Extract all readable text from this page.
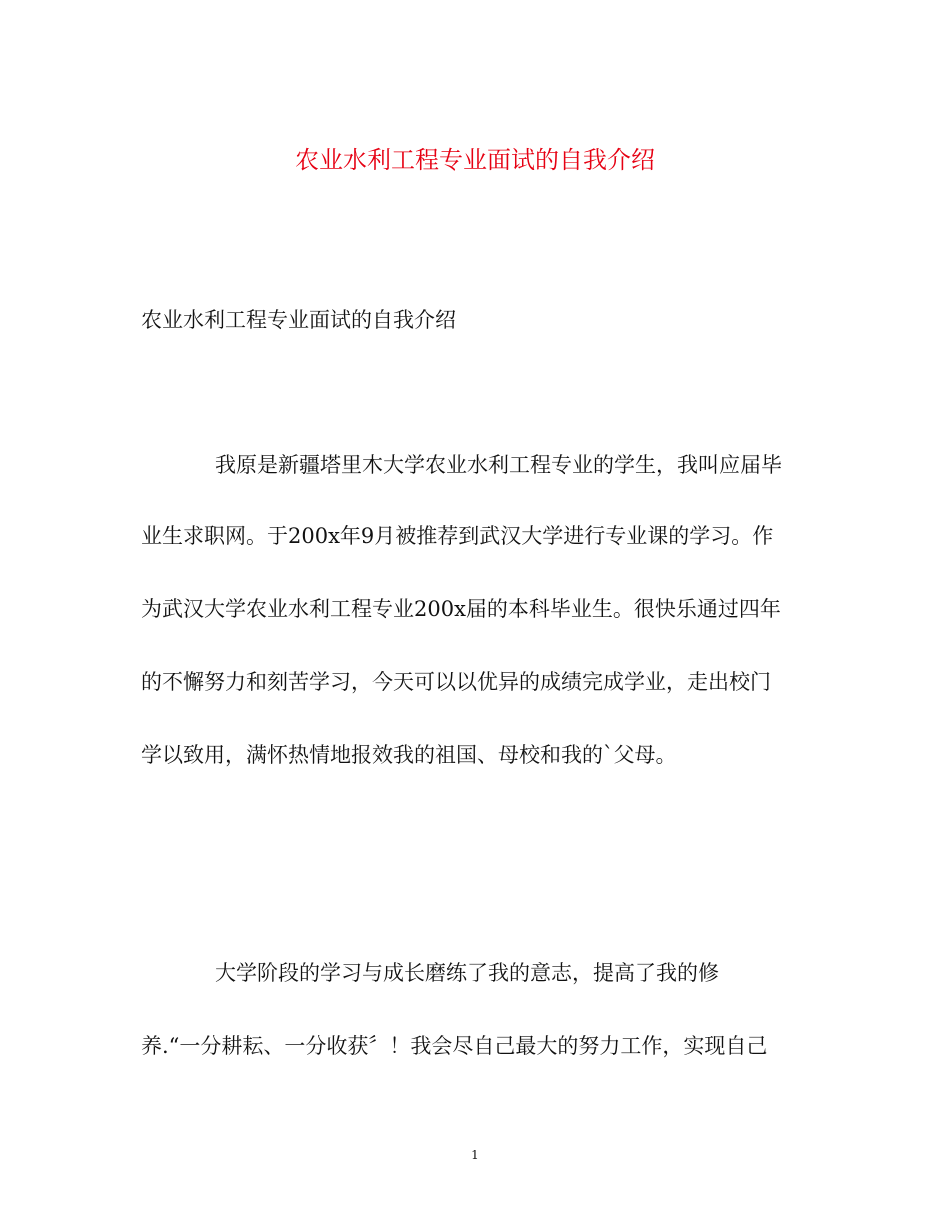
农业水利工程专业面试的自我介绍
农业水利工程专业面试的自我介绍
我原是新疆塔里木大学农业水利工程专业的学生，我叫应届毕
业生求职网。于200x年9月被推荐到武汉大学进行专业课的学习。作
为武汉大学农业水利工程专业200x届的本科毕业生。很快乐通过四年
的不懈努力和刻苦学习，今天可以以优异的成绩完成学业，走出校门
学以致用，满怀热情地报效我的祖国、母校和我的`父母。
大学阶段的学习与成长磨练了我的意志，提高了我的修
养.“一分耕耘、一分收获〞！我会尽自己最大的努力工作，实现自己
1
